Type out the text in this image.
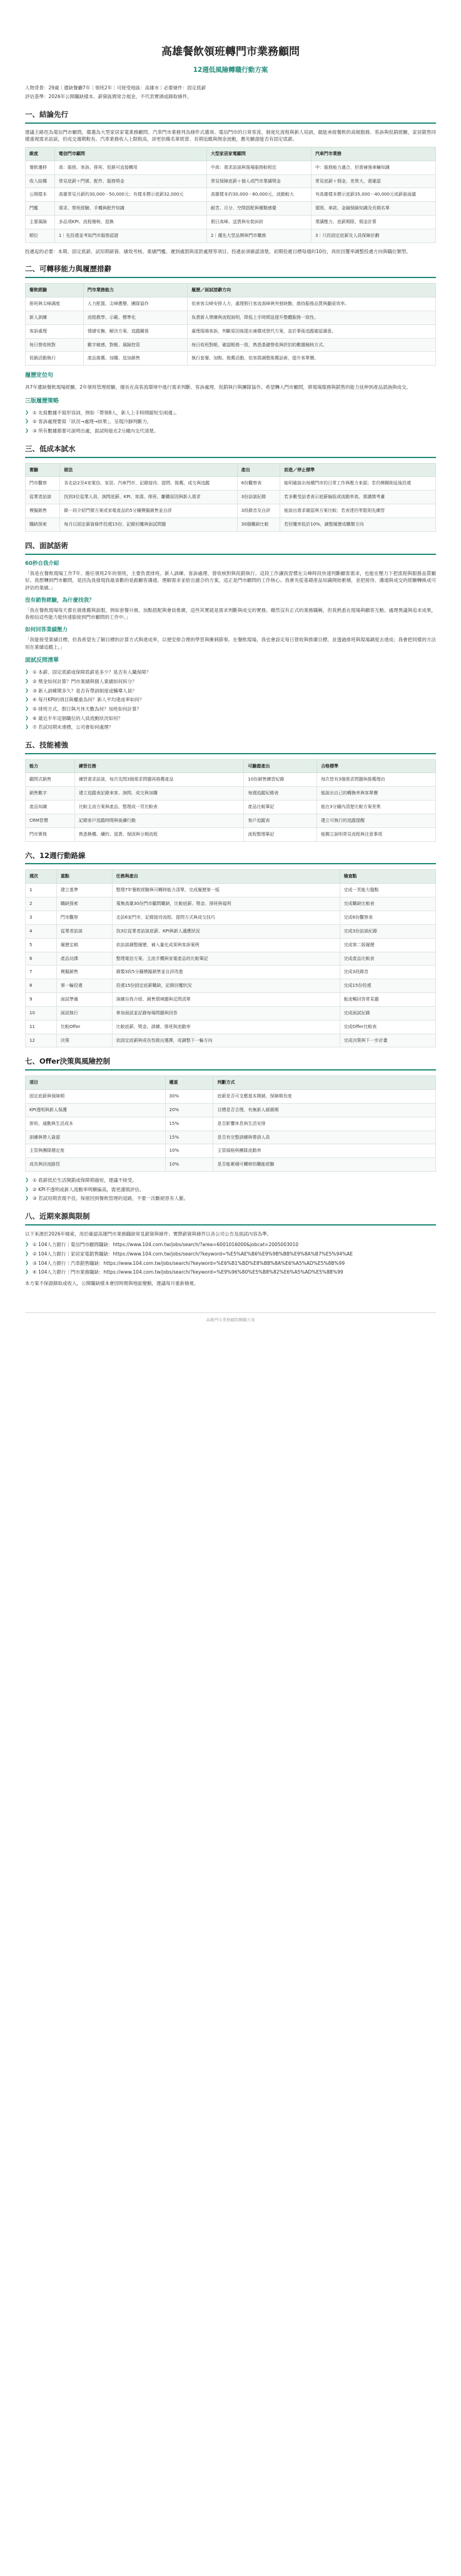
高雄餐飲領班轉門市業務顧問
12週低風險轉職行動方案
人物背景：29歲｜遺缺餐廳7年｜領班2年｜可接受地區：高雄市｜必要條件：固定底薪
評估基準：2026年公開職缺樣本、薪資區間常合規金，不代表實頭或錄取條件。
一、結論先行

建議主路徑為電信門市顧問，備選為大型家居家電業務顧問、汽車門市業務列為條件式選項。電信門市的日常客流、制度化流程與新人培訓，最能承接餐飲的高頻服務、客訴與促銷經驗，家居銷售同樣重視需求訪談，但成交週期較長。汽車業務收入上限較高，卻更依賴名單經營、長期追蹤與佣金波動，應先驗證能否有固定底薪。

維度	電信門市顧問	大型家居家電顧問	汽車門市業務
餐飲遷移	高：服務、客訴、排班、促銷可直接轉用	中高：需求訪談與現場服務較相近	中：服務能力適合，但需補強車輛知識
收入結構	常見底薪＋門號、配件、服務獎金	常見保障底薪＋個人或門市業績獎金	常見底薪＋佣金，差異大，需確認
公開樣本	高雄常見月薪約30,000－50,000元；有樣本標示底薪32,000元	高雄樣本約30,000－80,000元，波動較大	有高雄樣本標示底薪35,000－40,000元或薪資面議
門檻	需求、帶班經驗、手機與配件知識	耐苦、月分、空間搭配與種類感覺	駕照、車款、金融保險知識及長期名單
主要風險	多品項KPI、流程稽核、退換	假日高峰、送貨與安裝糾紛	業績壓力、底薪期限、佣金計算
順位	1｜先投遞並考取門市服務認證	2｜優先大型品牌與門市職務	3｜只投固定底薪及人員保障計劃

投遞起的必要：本期、固定底薪、試用期薪資、績效考核、業績門檻、遲到處罰與退款處理等項目。投遞前須確認清楚。初期投遞目標每週約10份，再依回覆率調整投遞方向與職位類型。

二、可轉移能力與履歷措辭
餐飲經驗	門市業務能力	履歷／面試措辭方向
排班與尖峰調度	人力配置、尖峰應變、團隊協作	依來客尖峰安排人力，處理假日客流高峰與突發缺勤，維持服務品質與翻桌效率。
新人訓練	流程教學、示範、標準化	負責新人帶練與流程說明，降低上手時間並提升整體服務一致性。
客訴處理	情緒安撫、解決方案、追蹤關係	處理現場客訴，判斷原因後提出補償或替代方案，並於事後追蹤確認滿意。
每日營收核對	數字敏感、對帳、風險控管	每日收班對帳，確認帳務一致，熟悉基礎營收與折扣的數據檢核方式。
促銷活動執行	產品推薦、加購、追加銷售	執行套餐、加點、推薦活動，依客群調整推薦話術，提升客單價。
履歷定位句

具7年遺缺餐飲現場經驗、2年領班管理經驗，擅長在高客流環境中進行需求判斷、客訴處理、促銷執行與團隊協作。希望轉入門市顧問，將現場服務與銷售的能力延伸到產品諮詢與成交。

三版履歷策略
❯ ① 先寫數據不寫形容詞，例如「帶領8人，新人上手時間縮短至兩週」。
❯ ② 客訴處理要寫「狀況→處理→結果」，呈現冷靜判斷力。
❯ ③ 所有數據都要可說明出處，面試時能在2分鐘內交代清楚。
三、低成本試水
實驗	做法	產出	前進／停止標準
門市觀察	各走訪2至4家電信、家居、汽車門市，記錄接待、提問、推薦、成交與追蹤	6份觀察表	能明確說出每種門市的日常工作與壓力來源；若仍模糊則延後投遞
從業者訪談	找到3位從業人員，詢問底薪、KPI、客源、排班、離職原因與新人需求	3份訪談紀錄	若多數受訪者表示底薪偏低或流動率高，需謹慎考慮
模擬銷售	錄一段介紹門號方案或家電產品的5分鐘模擬銷售並自評	3段錄音及自評	能說出需求確認與方案比較；若表達仍零散則先練習
職缺探索	每月以固定薪資條件投遞15份，記錄回覆與面試問題	30個職缺比較	若回覆率低於10%，調整履歷或職類方向
四、面試話術
60秒自我介紹

「我是在餐飲現場工作7年、擔任領班2年的領班，主要負責排班、新人訓練、客訴處理、營收核對與促銷執行。這段工作讓我習慣在尖峰時段快速判斷顧客需求，也能在壓力下把流程與服務品質顧好。我想轉到門市顧問，是因為我發現我最喜歡的是跟顧客溝通、理解需求並給出適合的方案，這正是門市顧問的工作核心。我會先從基礎產品知識開始累積，並把接待、溝通與成交的經驗轉換成可評估的業績。」

沒有銷售經驗，為什麼找我？

「我在餐飲現場每天都在做推薦與說服，例如套餐升級、加點搭配與會員推廣，這些其實就是需求判斷與成交的實務。雖然沒有正式的業務職稱，但我熟悉在現場與顧客互動、處理異議與追求成果，我相信這些能力能快速銜接到門市顧問的工作中。」

如何回答業績壓力

「我能接受業績目標，但我希望先了解目標的計算方式與達成率，以便安排合理的學習與衝刺節奏。在餐飲現場，我也會設定每日營收與推廣目標，並透過排班與現場調度去達成；我會把同樣的方法用在業績追蹤上。」

面試反問清單
❯ ① 本薪、固定底薪或保障底薪是多少？是否有入職保障？
❯ ② 獎金如何計算？門市業績與個人業績如何拆分？
❯ ③ 新人訓練期多久？是否有帶訓制度或輔導人員？
❯ ④ 每月KPI的項目與權重為何？新人平均達成率如何？
❯ ⑤ 排班方式、假日與月休天數為何？加班如何計算？
❯ ⑥ 最近半年這個職位的人員流動狀況如何？
❯ ⑦ 若試用期未達標，公司會如何處理？
五、技能補強
能力	練習任務	可驗證產出	合格標準
顧問式銷售	練習需求訪談，每次先問3個需求問題再推薦產品	10份銷售練習紀錄	每次皆有3個需求問題與推薦理由
銷售數字	建立追蹤表記錄來客、詢問、成交與加購	每週追蹤紀錄表	能說出自己的轉換率與客單價
產品知識	比較主流方案與產品，整理成一頁比較表	產品比較筆記	能在3分鐘內清楚比較方案差異
CRM習慣	記錄客戶追蹤時間與後續行動	客戶追蹤表	建立可執行的追蹤提醒
門市實務	熟悉換機、續約、退貨、保固與分期流程	流程整理筆記	能獨立說明常見流程與注意事項
六、12週行動路線
週次	重點	任務與產出	檢查點
1	建立基準	整理7年餐飲經驗與可轉移能力清單，完成履歷第一版	完成一頁能力盤點
2	職缺探索	蒐集高雄30份門市顧問職缺，比較底薪、獎金、排班與福利	完成職缺比較表
3	門市觀察	走訪6家門市，記錄接待流程、提問方式與成交技巧	完成6份觀察表
4	從業者訪談	找3位從業者訪談底薪、KPI與新人適應狀況	完成3份訪談紀錄
5	履歷定稿	依訪談調整履歷，補入量化成果與客訴案例	完成第二版履歷
6	產品功課	整理電信方案、主流手機與家電產品的比較筆記	完成產品比較表
7	模擬銷售	錄製3段5分鐘模擬銷售並自評改進	完成3段錄音
8	第一輪投遞	投遞15份固定底薪職缺，記錄回覆狀況	完成15份投遞
9	面試準備	演練自我介紹、銷售情境題與反問清單	能流暢回答常見題
10	面試執行	參加面試並記錄每場問題與回答	完成面試紀錄
11	比較Offer	比較底薪、獎金、訓練、排班與流動率	完成Offer比較表
12	決策	依固定底薪與成長性做出選擇，或調整下一輪方向	完成決策與下一步計畫
七、Offer決策與風險控制
項目	權重	判斷方式
固定底薪與保障期	30%	底薪是否可支應基本開銷，保障期長度
KPI透明與新人保護	20%	目標是否合理、有無新人緩衝期
排班、通勤與生活成本	15%	是否影響休息與生活安排
訓練與帶人資源	15%	是否有完整訓練與帶訓人員
主管與團隊穩定度	10%	主管風格與團隊流動率
成長與回流路徑	10%	是否能累積可轉移的職能經驗
❯ ① 底薪低於生活開銷或保障期過短，建議不接受。
❯ ② KPI不透明或新人流動率明顯偏高，需更謹慎評估。
❯ ③ 若試用期表現不佳，保留回到餐飲管理的退路，不要一次斷絕原有人脈。
八、近期來源與限制

以下來源於2026年檢索，用於確認高雄門市業務職缺常見薪資與條件；實際薪資與條件以各公司公告及面試內容為準。

❯ ① 104人力銀行｜電信門市顧問職缺：https://www.104.com.tw/jobs/search/?area=6001016000&jobcat=2005003010
❯ ② 104人力銀行｜家居家電銷售職缺：https://www.104.com.tw/jobs/search/?keyword=%E5%AE%B6%E9%9B%BB%E9%8A%B7%E5%94%AE
❯ ③ 104人力銀行｜汽車銷售職缺：https://www.104.com.tw/jobs/search/?keyword=%E6%B1%BD%E8%BB%8A%E6%A5%AD%E5%8B%99
❯ ④ 104人力銀行｜門市業務職缺：https://www.104.com.tw/jobs/search/?keyword=%E9%96%80%E5%B8%82%E6%A5%AD%E5%8B%99

本方案不保證錄取或收入，公開職缺樣本會因時間與地區變動，建議每月重新檢視。

高雄門市業務顧問轉職方案
